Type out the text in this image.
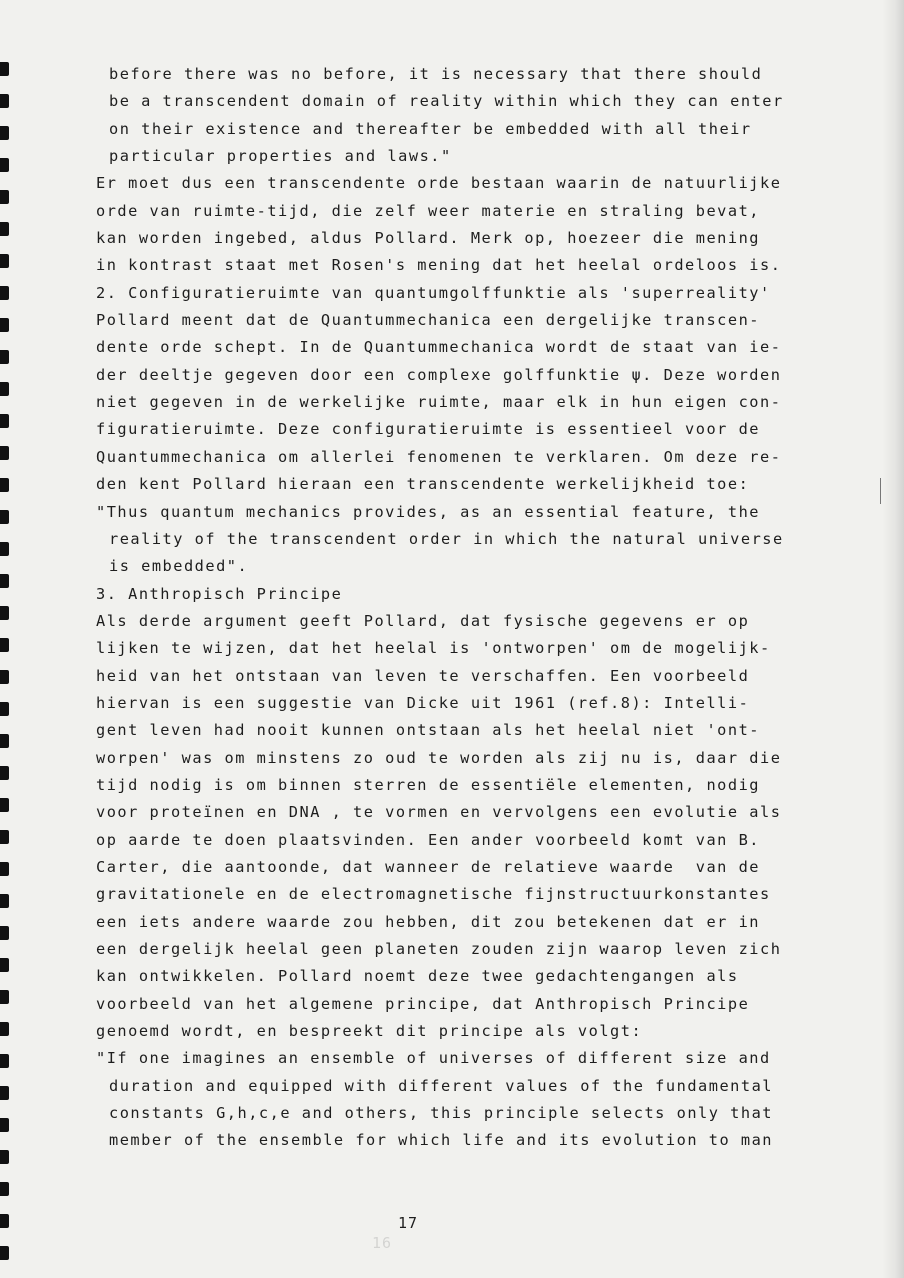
before there was no before, it is necessary that there should
be a transcendent domain of reality within which they can enter
on their existence and thereafter be embedded with all their
particular properties and laws."
Er moet dus een transcendente orde bestaan waarin de natuurlijke
orde van ruimte-tijd, die zelf weer materie en straling bevat,
kan worden ingebed, aldus Pollard. Merk op, hoezeer die mening
in kontrast staat met Rosen's mening dat het heelal ordeloos is.
2. Configuratieruimte van quantumgolffunktie als 'superreality'
Pollard meent dat de Quantummechanica een dergelijke transcen-
dente orde schept. In de Quantummechanica wordt de staat van ie-
der deeltje gegeven door een complexe golffunktie ψ. Deze worden
niet gegeven in de werkelijke ruimte, maar elk in hun eigen con-
figuratieruimte. Deze configuratieruimte is essentieel voor de
Quantummechanica om allerlei fenomenen te verklaren. Om deze re-
den kent Pollard hieraan een transcendente werkelijkheid toe:
"Thus quantum mechanics provides, as an essential feature, the
reality of the transcendent order in which the natural universe
is embedded".
3. Anthropisch Principe
Als derde argument geeft Pollard, dat fysische gegevens er op
lijken te wijzen, dat het heelal is 'ontworpen' om de mogelijk-
heid van het ontstaan van leven te verschaffen. Een voorbeeld
hiervan is een suggestie van Dicke uit 1961 (ref.8): Intelli-
gent leven had nooit kunnen ontstaan als het heelal niet 'ont-
worpen' was om minstens zo oud te worden als zij nu is, daar die
tijd nodig is om binnen sterren de essentiële elementen, nodig
voor proteïnen en DNA , te vormen en vervolgens een evolutie als
op aarde te doen plaatsvinden. Een ander voorbeeld komt van B.
Carter, die aantoonde, dat wanneer de relatieve waarde  van de
gravitationele en de electromagnetische fijnstructuurkonstantes
een iets andere waarde zou hebben, dit zou betekenen dat er in
een dergelijk heelal geen planeten zouden zijn waarop leven zich
kan ontwikkelen. Pollard noemt deze twee gedachtengangen als
voorbeeld van het algemene principe, dat Anthropisch Principe
genoemd wordt, en bespreekt dit principe als volgt:
"If one imagines an ensemble of universes of different size and
duration and equipped with different values of the fundamental
constants G,h,c,e and others, this principle selects only that
member of the ensemble for which life and its evolution to man
16
17
